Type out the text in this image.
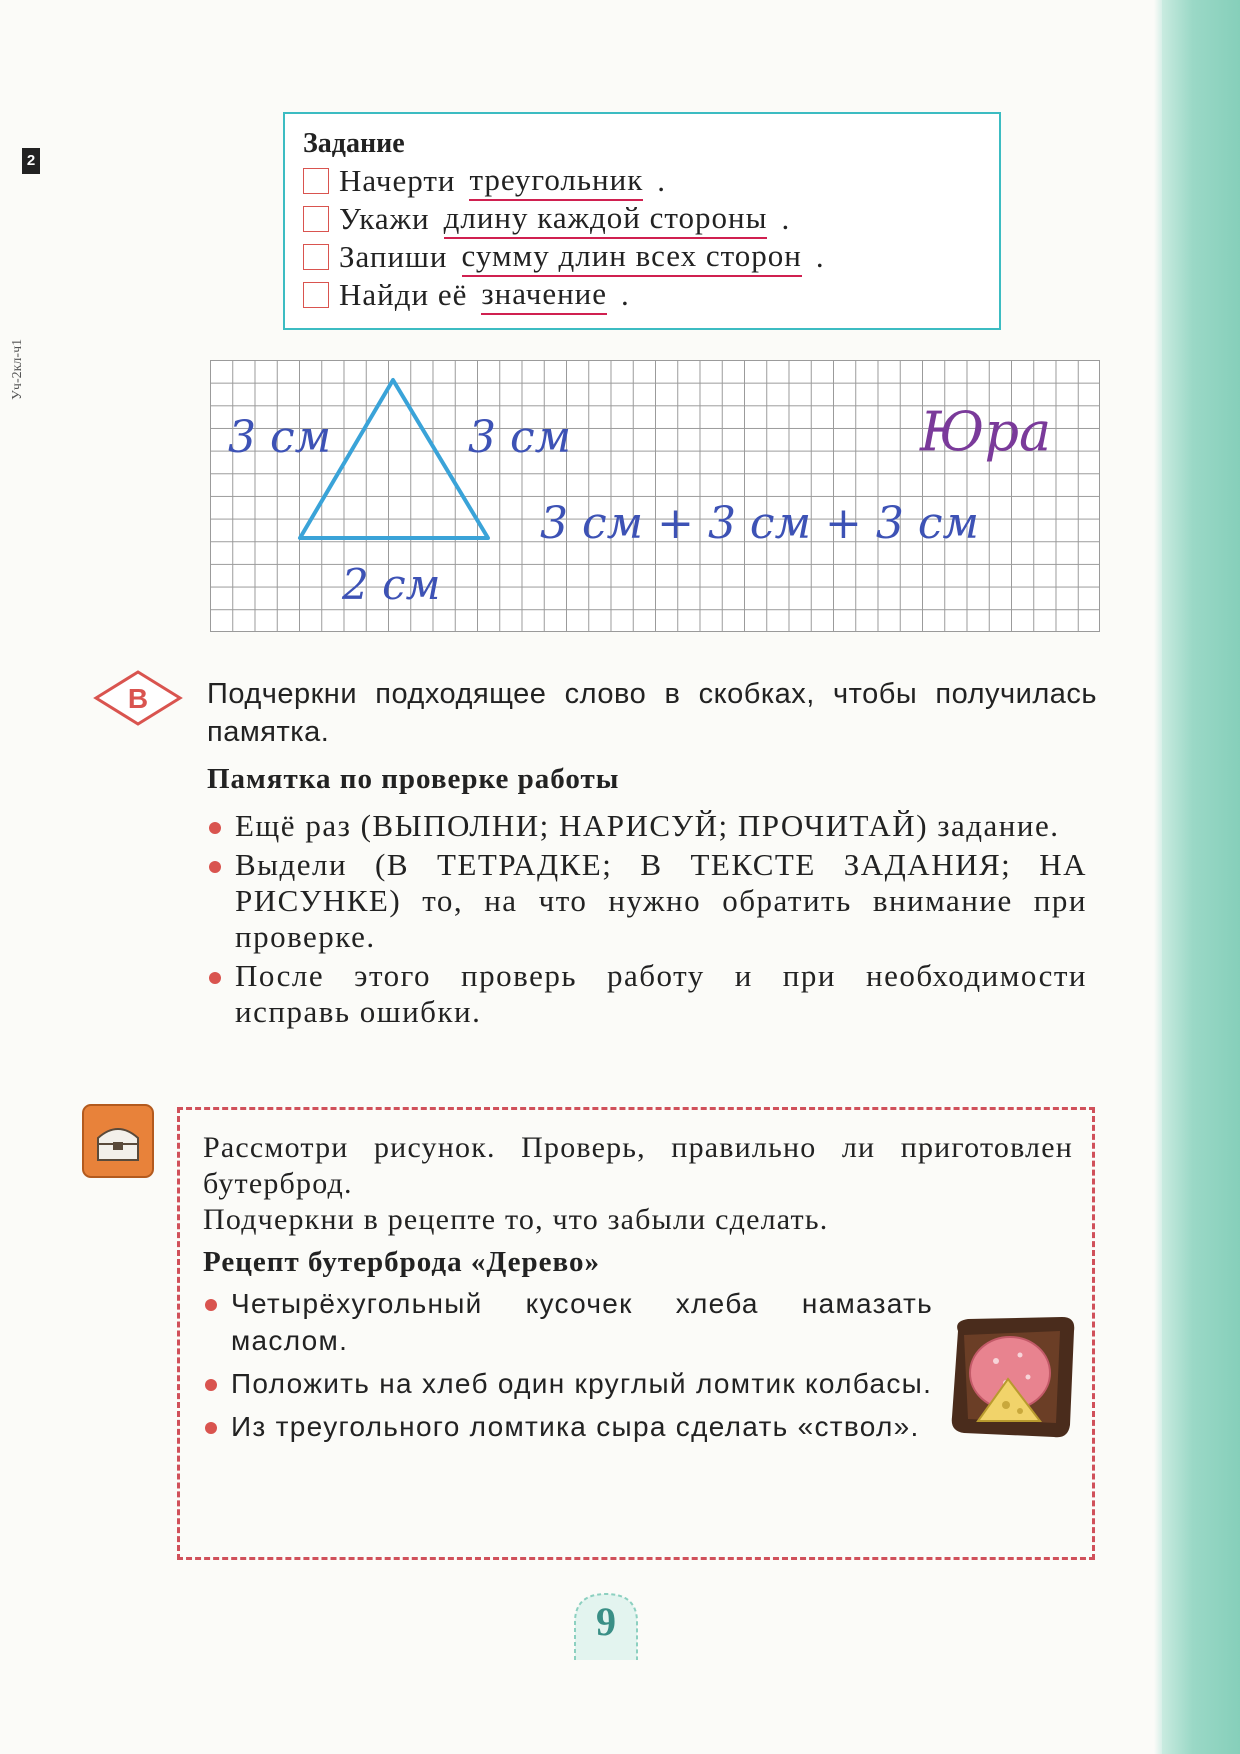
2
Уч-2кл-ч1
Задание
Начерти треугольник .
Укажи длину каждой стороны .
Запиши сумму длин всех сторон .
Найди её значение .
3 см	3 см
2 см
3 см + 3 см + 3 см
Юра
В Подчеркни подходящее слово в скобках, чтобы получилась памятка.
Памятка по проверке работы
Ещё раз (ВЫПОЛНИ; НАРИСУЙ; ПРОЧИТАЙ) задание.
Выдели (В ТЕТРАДКЕ; В ТЕКСТЕ ЗАДАНИЯ; НА РИСУНКЕ) то, на что нужно обратить внимание при проверке.
После этого проверь работу и при необходимости исправь ошибки.

Рассмотри рисунок. Проверь, правильно ли приготовлен бутерброд.

Подчеркни в рецепте то, что забыли сделать.

Рецепт бутерброда «Дерево»
Четырёхугольный кусочек хлеба намазать маслом.
Положить на хлеб один круглый ломтик колбасы.
Из треугольного ломтика сыра сделать «ствол».
9
